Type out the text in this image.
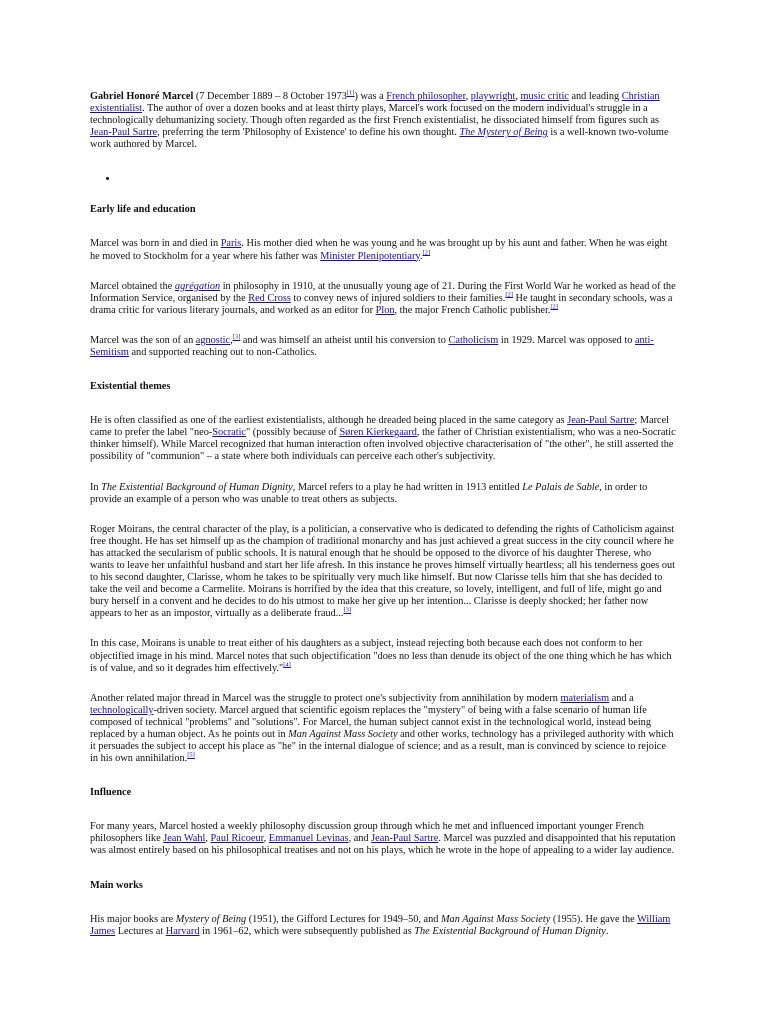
Gabriel Honoré Marcel (7 December 1889 – 8 October 1973[1]) was a French philosopher, playwright, music critic and leading Christian existentialist. The author of over a dozen books and at least thirty plays, Marcel's work focused on the modern individual's struggle in a technologically dehumanizing society. Though often regarded as the first French existentialist, he dissociated himself from figures such as Jean-Paul Sartre, preferring the term 'Philosophy of Existence' to define his own thought. The Mystery of Being is a well-known two-volume work authored by Marcel.

•

Early life and education

Marcel was born in and died in Paris. His mother died when he was young and he was brought up by his aunt and father. When he was eight he moved to Stockholm for a year where his father was Minister Plenipotentiary.[2]

Marcel obtained the agrégation in philosophy in 1910, at the unusually young age of 21. During the First World War he worked as head of the Information Service, organised by the Red Cross to convey news of injured soldiers to their families.[2] He taught in secondary schools, was a drama critic for various literary journals, and worked as an editor for Plon, the major French Catholic publisher.[2]

Marcel was the son of an agnostic,[3] and was himself an atheist until his conversion to Catholicism in 1929. Marcel was opposed to anti-Semitism and supported reaching out to non-Catholics.

Existential themes

He is often classified as one of the earliest existentialists, although he dreaded being placed in the same category as Jean-Paul Sartre; Marcel came to prefer the label "neo-Socratic" (possibly because of Søren Kierkegaard, the father of Christian existentialism, who was a neo-Socratic thinker himself). While Marcel recognized that human interaction often involved objective characterisation of "the other", he still asserted the possibility of "communion" – a state where both individuals can perceive each other's subjectivity.

In The Existential Background of Human Dignity, Marcel refers to a play he had written in 1913 entitled Le Palais de Sable, in order to provide an example of a person who was unable to treat others as subjects.

Roger Moirans, the central character of the play, is a politician, a conservative who is dedicated to defending the rights of Catholicism against free thought. He has set himself up as the champion of traditional monarchy and has just achieved a great success in the city council where he has attacked the secularism of public schools. It is natural enough that he should be opposed to the divorce of his daughter Therese, who wants to leave her unfaithful husband and start her life afresh. In this instance he proves himself virtually heartless; all his tenderness goes out to his second daughter, Clarisse, whom he takes to be spiritually very much like himself. But now Clarisse tells him that she has decided to take the veil and become a Carmelite. Moirans is horrified by the idea that this creature, so lovely, intelligent, and full of life, might go and bury herself in a convent and he decides to do his utmost to make her give up her intention... Clarisse is deeply shocked; her father now appears to her as an impostor, virtually as a deliberate fraud...[3]

In this case, Moirans is unable to treat either of his daughters as a subject, instead rejecting both because each does not conform to her objectified image in his mind. Marcel notes that such objectification "does no less than denude its object of the one thing which he has which is of value, and so it degrades him effectively."[4]

Another related major thread in Marcel was the struggle to protect one's subjectivity from annihilation by modern materialism and a technologically-driven society. Marcel argued that scientific egoism replaces the "mystery" of being with a false scenario of human life composed of technical "problems" and "solutions". For Marcel, the human subject cannot exist in the technological world, instead being replaced by a human object. As he points out in Man Against Mass Society and other works, technology has a privileged authority with which it persuades the subject to accept his place as "he" in the internal dialogue of science; and as a result, man is convinced by science to rejoice in his own annihilation.[5]

Influence

For many years, Marcel hosted a weekly philosophy discussion group through which he met and influenced important younger French philosophers like Jean Wahl, Paul Ricoeur, Emmanuel Levinas, and Jean-Paul Sartre. Marcel was puzzled and disappointed that his reputation was almost entirely based on his philosophical treatises and not on his plays, which he wrote in the hope of appealing to a wider lay audience.

Main works

His major books are Mystery of Being (1951), the Gifford Lectures for 1949–50, and Man Against Mass Society (1955). He gave the William James Lectures at Harvard in 1961–62, which were subsequently published as The Existential Background of Human Dignity.
